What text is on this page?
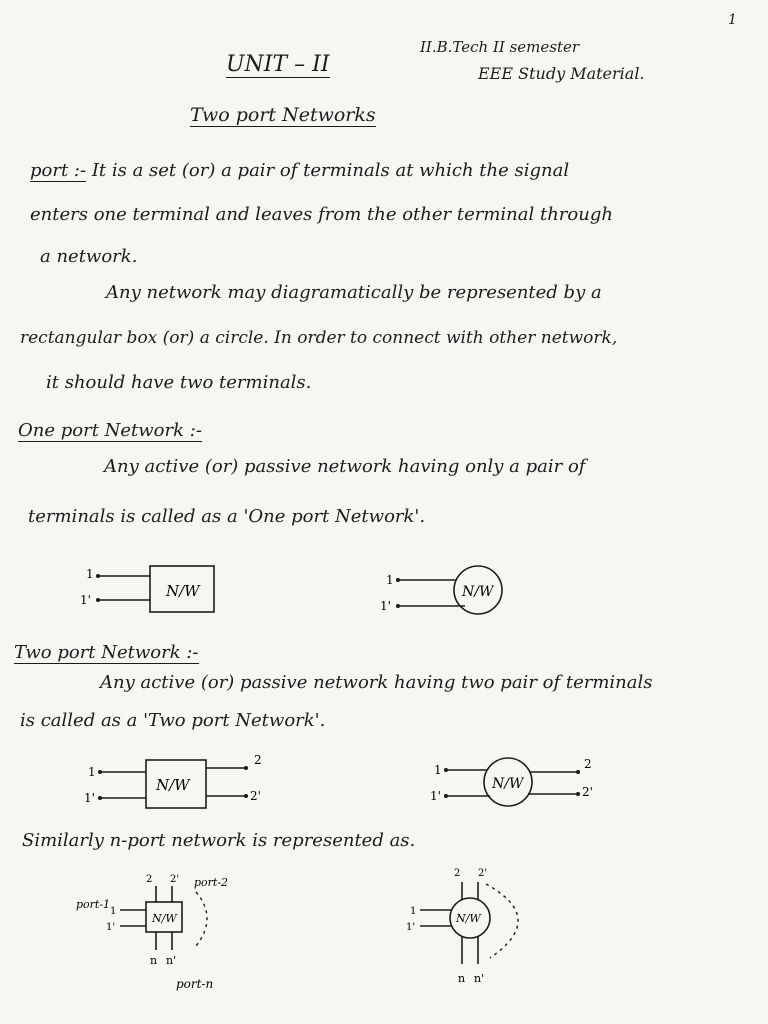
1
UNIT – II
II.B.Tech II semester
EEE Study Material.
Two port Networks
port :- It is a set (or) a pair of terminals at which the signal
enters one terminal and leaves from the other terminal through
a network.
Any network may diagramatically be represented by a
rectangular box (or) a circle. In order to connect with other network,
it should have two terminals.
One port Network :-
Any active (or) passive network having only a pair of
terminals is called as a 'One port Network'.
Two port Network :-
Any active (or) passive network having two pair of terminals
is called as a 'Two port Network'.
Similarly n-port network is represented as.
N/W
1
1'	N/W
1
1'
N/W
1
1'
2
2'
N/W
1
1'
2
2'
N/W
port-1
port-2
port-n
1
1'
2 2'
n n'
N/W
1
1'
2 2'
n n'
